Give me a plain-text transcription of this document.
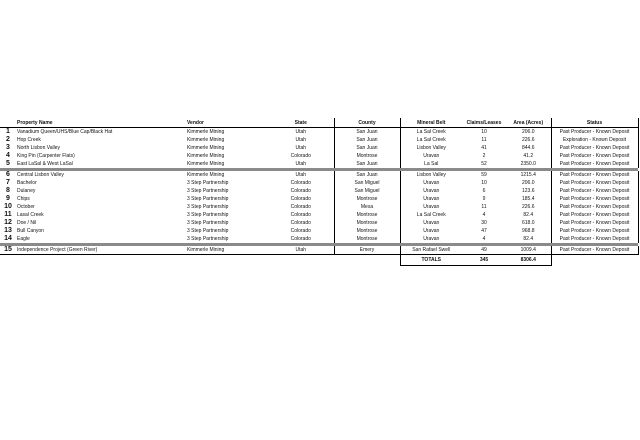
	Property Name	Vendor	State	County	Mineral Belt	Claims/Leases	Area (Acres)	Status
1	Vanadium Queen/UHS/Blue Cap/Black Hat	Kimmerle Mining	Utah	San Juan	La Sal Creek	10	206.0	Past Producer - Known Deposit
2	Hop Creek	Kimmerle Mining	Utah	San Juan	La Sal Creek	11	226.6	Exploration - Known Deposit
3	North Lisbon Valley	Kimmerle Mining	Utah	San Juan	Lisbon Valley	41	844.6	Past Producer - Known Deposit
4	King Pin (Carpenter Flats)	Kimmerle Mining	Colorado	Montrose	Uravan	2	41.2	Past Producer - Known Deposit
5	East LaSal & West LaSal	Kimmerle Mining	Utah	San Juan	La Sal	52	2350.0	Past Producer - Known Deposit

6	Central Lisbon Valley	Kimmerle Mining	Utah	San Juan	Lisbon Valley	59	1215.4	Past Producer - Known Deposit
7	Bachelor	3 Step Partnership	Colorado	San Miguel	Uravan	10	206.0	Past Producer - Known Deposit
8	Dulaney	3 Step Partnership	Colorado	San Miguel	Uravan	6	123.6	Past Producer - Known Deposit
9	Chips	3 Step Partnership	Colorado	Montrose	Uravan	9	185.4	Past Producer - Known Deposit
10	October	3 Step Partnership	Colorado	Mesa	Uravan	11	226.6	Past Producer - Known Deposit
11	Lasal Creek	3 Step Partnership	Colorado	Montrose	La Sal Creek	4	82.4	Past Producer - Known Deposit
12	Doe / Nil	3 Step Partnership	Colorado	Montrose	Uravan	30	618.0	Past Producer - Known Deposit
13	Bull Canyon	3 Step Partnership	Colorado	Montrose	Uravan	47	968.8	Past Producer - Known Deposit
14	Eagle	3 Step Partnership	Colorado	Montrose	Uravan	4	82.4	Past Producer - Known Deposit

15	Independence Project (Green River)	Kimmerle Mining	Utah	Emery	San Rafael Swell	49	1009.4	Past Producer - Known Deposit
					TOTALS	345	8306.4	
